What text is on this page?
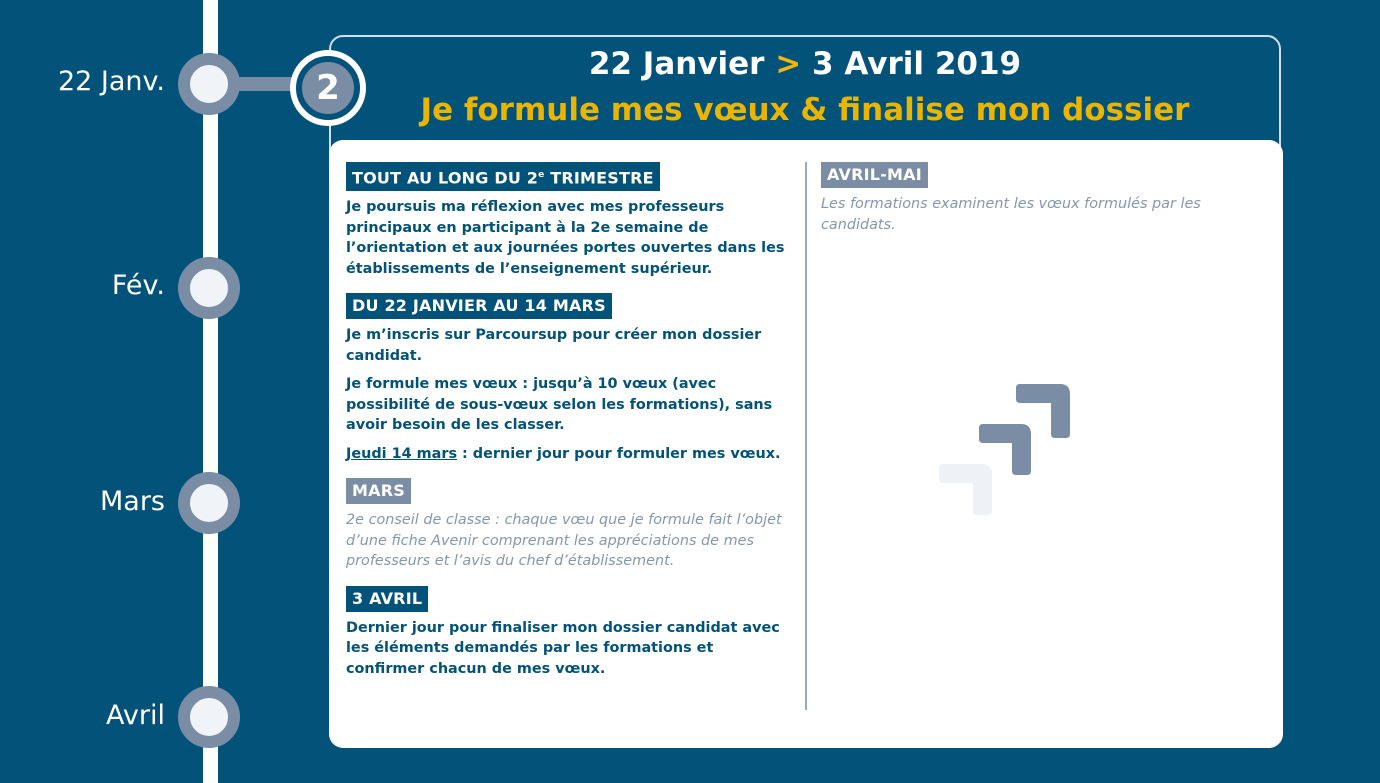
22 Janv.
Fév.
Mars
Avril
2
22 Janvier > 3 Avril 2019
Je formule mes vœux & finalise mon dossier
TOUT AU LONG DU 2e TRIMESTRE

Je poursuis ma réflexion avec mes professeurs principaux en participant à la 2e semaine de l’orientation et aux journées portes ouvertes dans les établissements de l’enseignement supérieur.

DU 22 JANVIER AU 14 MARS

Je m’inscris sur Parcoursup pour créer mon dossier candidat.

Je formule mes vœux : jusqu’à 10 vœux (avec possibilité de sous-vœux selon les formations), sans avoir besoin de les classer.

Jeudi 14 mars : dernier jour pour formuler mes vœux.

MARS

2e conseil de classe : chaque vœu que je formule fait l’objet d’une fiche Avenir comprenant les appréciations de mes professeurs et l’avis du chef d’établissement.

3 AVRIL

Dernier jour pour finaliser mon dossier candidat avec les éléments demandés par les formations et confirmer chacun de mes vœux.

AVRIL-MAI

Les formations examinent les vœux formulés par les candidats.
